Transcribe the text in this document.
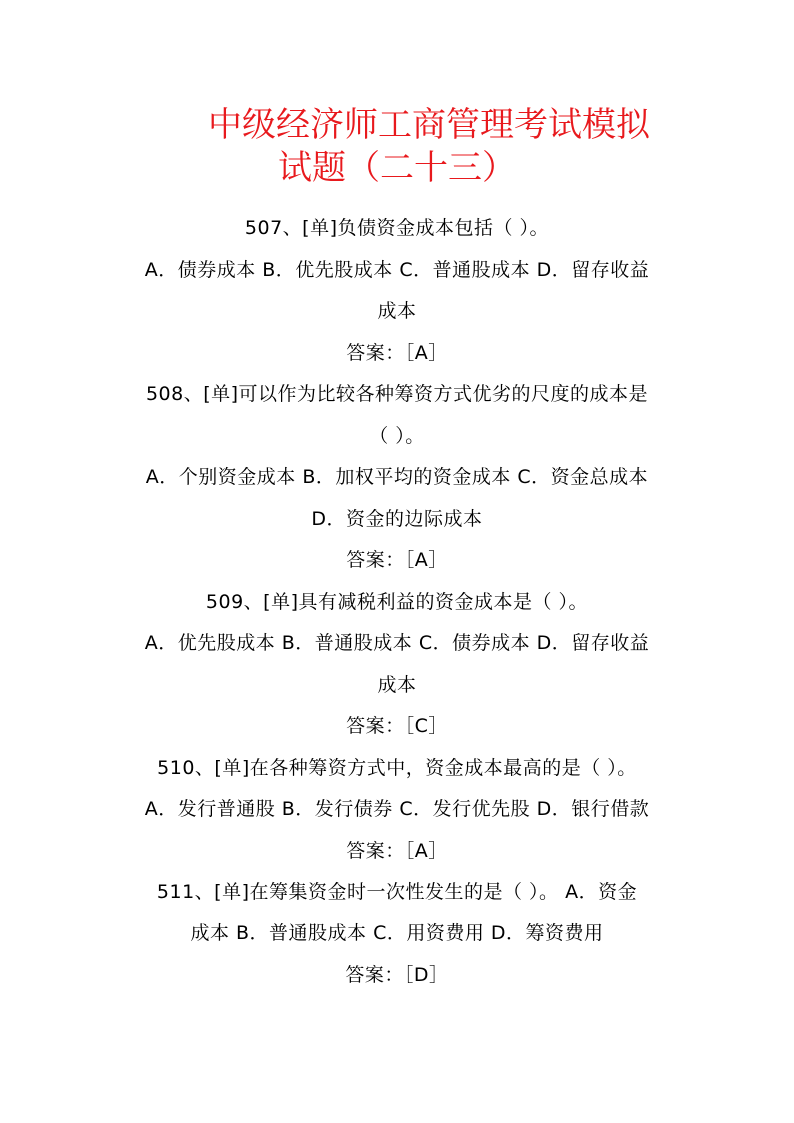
中级经济师工商管理考试模拟
试题（二十三）
507、[单]负债资金成本包括（ ）。
A．债券成本 B．优先股成本 C．普通股成本 D．留存收益
成本
答案：［A］
508、[单]可以作为比较各种筹资方式优劣的尺度的成本是
（ ）。
A．个别资金成本 B．加权平均的资金成本 C．资金总成本
D．资金的边际成本
答案：［A］
509、[单]具有减税利益的资金成本是（ ）。
A．优先股成本 B．普通股成本 C．债券成本 D．留存收益
成本
答案：［C］
510、[单]在各种筹资方式中，资金成本最高的是（ ）。
A．发行普通股 B．发行债券 C．发行优先股 D．银行借款
答案：［A］
511、[单]在筹集资金时一次性发生的是（ ）。 A．资金
成本 B．普通股成本 C．用资费用 D．筹资费用
答案：［D］
